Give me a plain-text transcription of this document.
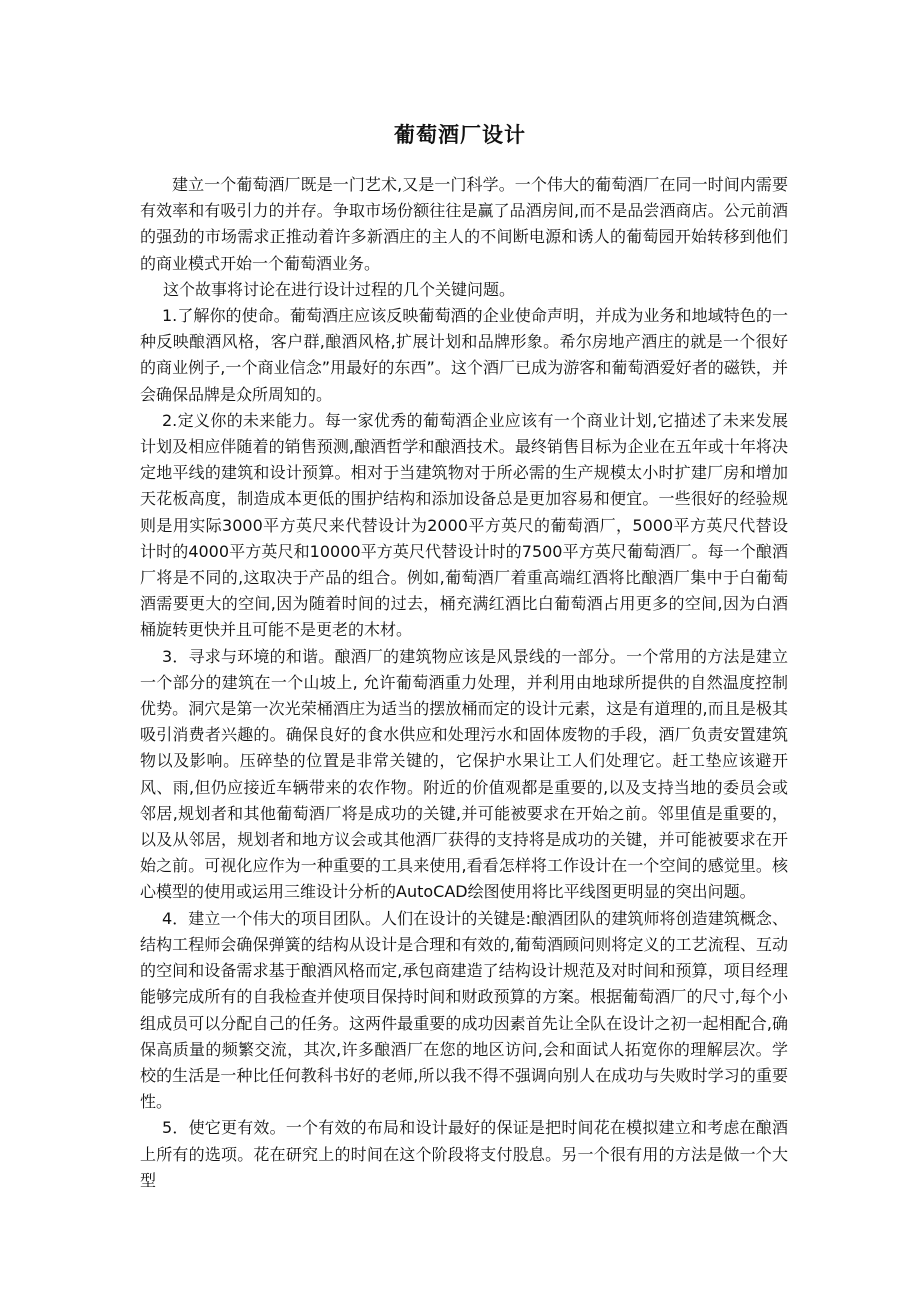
葡萄酒厂设计

建立一个葡萄酒厂既是一门艺术,又是一门科学。一个伟大的葡萄酒厂在同一时间内需要有效率和有吸引力的并存。争取市场份额往往是赢了品酒房间,而不是品尝酒商店。公元前酒的强劲的市场需求正推动着许多新酒庄的主人的不间断电源和诱人的葡萄园开始转移到他们的商业模式开始一个葡萄酒业务。

这个故事将讨论在进行设计过程的几个关键问题。

1.了解你的使命。葡萄酒庄应该反映葡萄酒的企业使命声明，并成为业务和地域特色的一种反映酿酒风格，客户群,酿酒风格,扩展计划和品牌形象。希尔房地产酒庄的就是一个很好的商业例子,一个商业信念”用最好的东西”。这个酒厂已成为游客和葡萄酒爱好者的磁铁，并会确保品牌是众所周知的。

2.定义你的未来能力。每一家优秀的葡萄酒企业应该有一个商业计划,它描述了未来发展计划及相应伴随着的销售预测,酿酒哲学和酿酒技术。最终销售目标为企业在五年或十年将决定地平线的建筑和设计预算。相对于当建筑物对于所必需的生产规模太小时扩建厂房和增加天花板高度，制造成本更低的围护结构和添加设备总是更加容易和便宜。一些很好的经验规则是用实际3000平方英尺来代替设计为2000平方英尺的葡萄酒厂，5000平方英尺代替设计时的4000平方英尺和10000平方英尺代替设计时的7500平方英尺葡萄酒厂。每一个酿酒厂将是不同的,这取决于产品的组合。例如,葡萄酒厂着重高端红酒将比酿酒厂集中于白葡萄酒需要更大的空间,因为随着时间的过去，桶充满红酒比白葡萄酒占用更多的空间,因为白酒桶旋转更快并且可能不是更老的木材。

3．寻求与环境的和谐。酿酒厂的建筑物应该是风景线的一部分。一个常用的方法是建立一个部分的建筑在一个山坡上, 允许葡萄酒重力处理，并利用由地球所提供的自然温度控制优势。洞穴是第一次光荣桶酒庄为适当的摆放桶而定的设计元素，这是有道理的,而且是极其吸引消费者兴趣的。确保良好的食水供应和处理污水和固体废物的手段，酒厂负责安置建筑物以及影响。压碎垫的位置是非常关键的，它保护水果让工人们处理它。赶工垫应该避开风、雨,但仍应接近车辆带来的农作物。附近的价值观都是重要的,以及支持当地的委员会或邻居,规划者和其他葡萄酒厂将是成功的关键,并可能被要求在开始之前。邻里值是重要的，以及从邻居，规划者和地方议会或其他酒厂获得的支持将是成功的关键，并可能被要求在开始之前。可视化应作为一种重要的工具来使用,看看怎样将工作设计在一个空间的感觉里。核心模型的使用或运用三维设计分析的AutoCAD绘图使用将比平线图更明显的突出问题。

4．建立一个伟大的项目团队。人们在设计的关键是:酿酒团队的建筑师将创造建筑概念、结构工程师会确保弹簧的结构从设计是合理和有效的,葡萄酒顾问则将定义的工艺流程、互动的空间和设备需求基于酿酒风格而定,承包商建造了结构设计规范及对时间和预算，项目经理能够完成所有的自我检查并使项目保持时间和财政预算的方案。根据葡萄酒厂的尺寸,每个小组成员可以分配自己的任务。这两件最重要的成功因素首先让全队在设计之初一起相配合,确保高质量的频繁交流，其次,许多酿酒厂在您的地区访问,会和面试人拓宽你的理解层次。学校的生活是一种比任何教科书好的老师,所以我不得不强调向别人在成功与失败时学习的重要性。

5．使它更有效。一个有效的布局和设计最好的保证是把时间花在模拟建立和考虑在酿酒上所有的选项。花在研究上的时间在这个阶段将支付股息。另一个很有用的方法是做一个大型
